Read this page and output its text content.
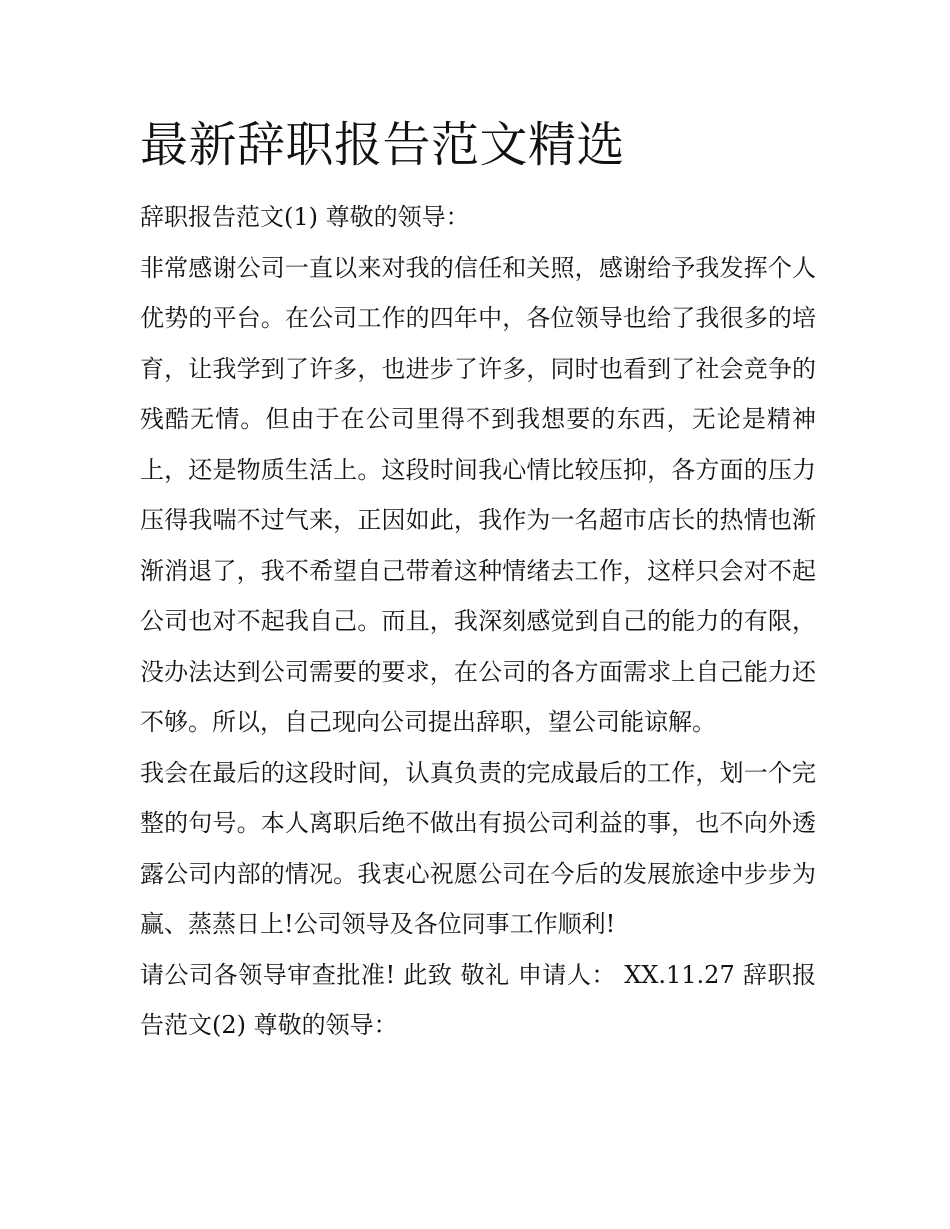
最新辞职报告范文精选

辞职报告范文(1) 尊敬的领导：

非常感谢公司一直以来对我的信任和关照，感谢给予我发挥个人优势的平台。在公司工作的四年中，各位领导也给了我很多的培育，让我学到了许多，也进步了许多，同时也看到了社会竞争的残酷无情。但由于在公司里得不到我想要的东西，无论是精神上，还是物质生活上。这段时间我心情比较压抑，各方面的压力压得我喘不过气来，正因如此，我作为一名超市店长的热情也渐渐消退了，我不希望自己带着这种情绪去工作，这样只会对不起公司也对不起我自己。而且，我深刻感觉到自己的能力的有限，没办法达到公司需要的要求，在公司的各方面需求上自己能力还不够。所以，自己现向公司提出辞职，望公司能谅解。

我会在最后的这段时间，认真负责的完成最后的工作，划一个完整的句号。本人离职后绝不做出有损公司利益的事，也不向外透露公司内部的情况。我衷心祝愿公司在今后的发展旅途中步步为赢、蒸蒸日上!公司领导及各位同事工作顺利!

请公司各领导审查批准! 此致 敬礼 申请人： XX.11.27 辞职报告范文(2) 尊敬的领导：
